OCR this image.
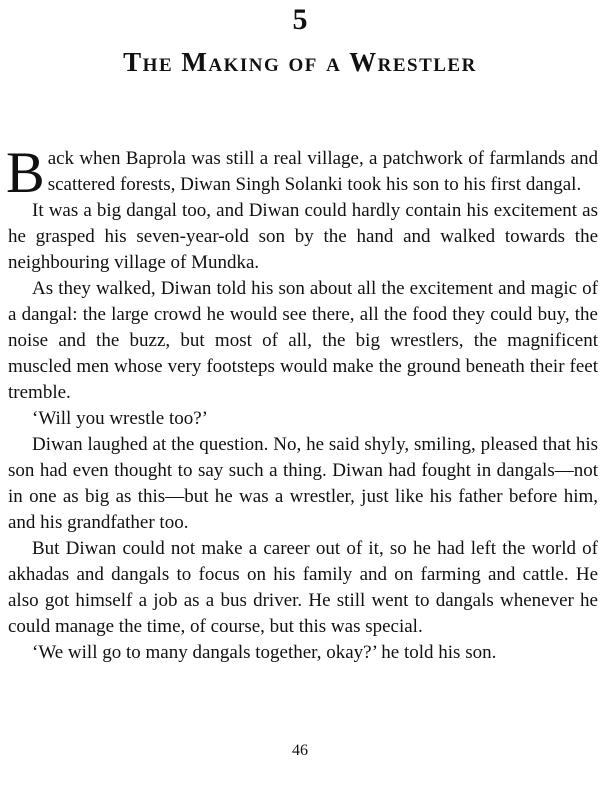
5
The Making of a Wrestler

Back when Baprola was still a real village, a patchwork of farmlands and scattered forests, Diwan Singh Solanki took his son to his first dangal.

It was a big dangal too, and Diwan could hardly contain his excitement as he grasped his seven-year-old son by the hand and walked towards the neighbouring village of Mundka.

As they walked, Diwan told his son about all the excitement and magic of a dangal: the large crowd he would see there, all the food they could buy, the noise and the buzz, but most of all, the big wrestlers, the magnificent muscled men whose very footsteps would make the ground beneath their feet tremble.

‘Will you wrestle too?’

Diwan laughed at the question. No, he said shyly, smiling, pleased that his son had even thought to say such a thing. Diwan had fought in dangals—not in one as big as this—but he was a wrestler, just like his father before him, and his grandfather too.

But Diwan could not make a career out of it, so he had left the world of akhadas and dangals to focus on his family and on farming and cattle. He also got himself a job as a bus driver. He still went to dangals whenever he could manage the time, of course, but this was special.

‘We will go to many dangals together, okay?’ he told his son.

46
